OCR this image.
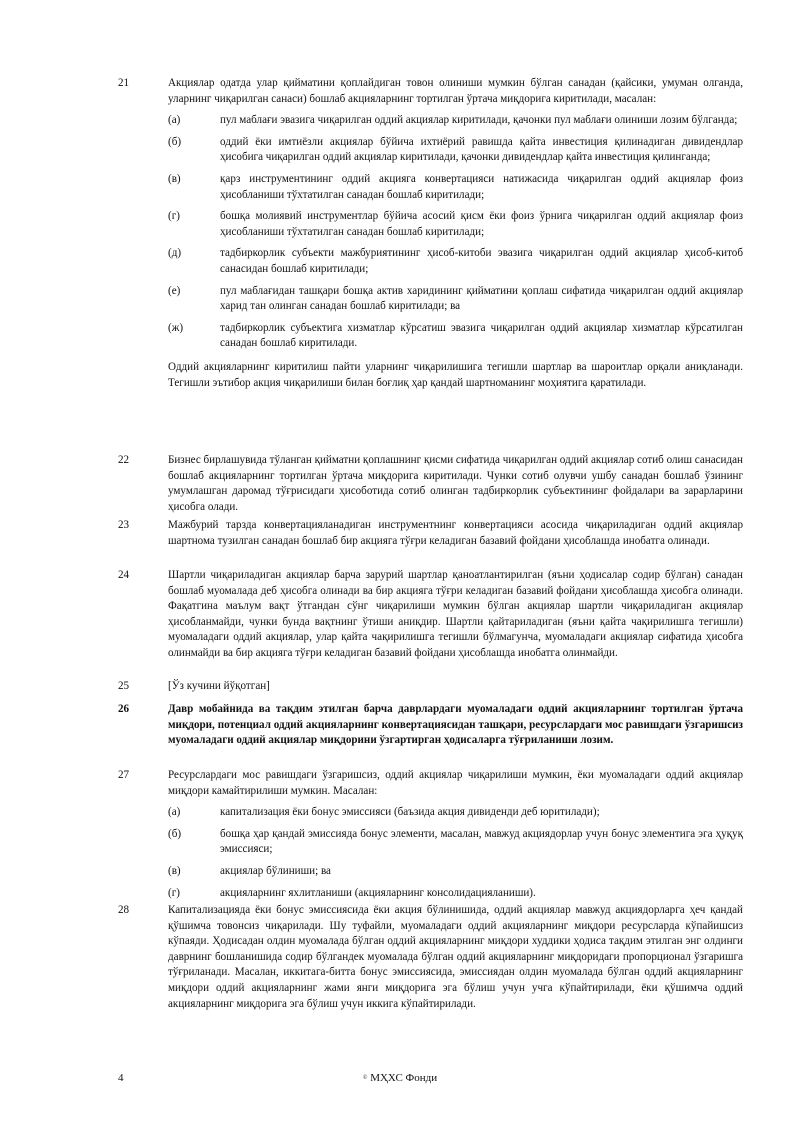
21	Акциялар одатда улар қийматини қоплайдиган товон олиниши мумкин бўлган санадан (қайсики, умуман олганда, уларнинг чиқарилган санаси) бошлаб акцияларнинг тортилган ўртача миқдорига киритилади, масалан:
(а)	пул маблағи эвазига чиқарилган оддий акциялар киритилади, қачонки пул маблағи олиниши лозим бўлганда;
(б)	оддий ёки имтиёзли акциялар бўйича ихтиёрий равишда қайта инвестиция қилинадиган дивидендлар ҳисобига чиқарилган оддий акциялар киритилади, қачонки дивидендлар қайта инвестиция қилинганда;
(в)	қарз инструментининг оддий акцияга конвертацияси натижасида чиқарилган оддий акциялар фоиз ҳисобланиши тўхтатилган санадан бошлаб киритилади;
(г)	бошқа молиявий инструментлар бўйича асосий қисм ёки фоиз ўрнига чиқарилган оддий акциялар фоиз ҳисобланиши тўхтатилган санадан бошлаб киритилади;
(д)	тадбиркорлик субъекти мажбуриятининг ҳисоб-китоби эвазига чиқарилган оддий акциялар ҳисоб-китоб санасидан бошлаб киритилади;
(е)	пул маблағидан ташқари бошқа актив харидининг қийматини қоплаш сифатида чиқарилган оддий акциялар харид тан олинган санадан бошлаб киритилади; ва
(ж)	тадбиркорлик субъектига хизматлар кўрсатиш эвазига чиқарилган оддий акциялар хизматлар кўрсатилган санадан бошлаб киритилади.
Оддий акцияларнинг киритилиш пайти уларнинг чиқарилишига тегишли шартлар ва шароитлар орқали аниқланади. Тегишли эътибор акция чиқарилиши билан боғлиқ ҳар қандай шартноманинг моҳиятига қаратилади.
22	Бизнес бирлашувида тўланган қийматни қоплашнинг қисми сифатида чиқарилган оддий акциялар сотиб олиш санасидан бошлаб акцияларнинг тортилган ўртача миқдорига киритилади. Чунки сотиб олувчи ушбу санадан бошлаб ўзининг умумлашган даромад тўғрисидаги ҳисоботида сотиб олинган тадбиркорлик субъектининг фойдалари ва зарарларини ҳисобга олади.
23	Мажбурий тарзда конвертацияланадиган инструментнинг конвертацияси асосида чиқариладиган оддий акциялар шартнома тузилган санадан бошлаб бир акцияга тўғри келадиган базавий фойдани ҳисоблашда инобатга олинади.
24	Шартли чиқариладиган акциялар барча зарурий шартлар қаноатлантирилган (яъни ҳодисалар содир бўлган) санадан бошлаб муомалада деб ҳисобга олинади ва бир акцияга тўғри келадиган базавий фойдани ҳисоблашда ҳисобга олинади. Фақатгина маълум вақт ўтгандан сўнг чиқарилиши мумкин бўлган акциялар шартли чиқариладиган акциялар ҳисобланмайди, чунки бунда вақтнинг ўтиши аниқдир. Шартли қайтариладиган (яъни қайта чақирилишга тегишли) муомаладаги оддий акциялар, улар қайта чақирилишга тегишли бўлмагунча, муомаладаги акциялар сифатида ҳисобга олинмайди ва бир акцияга тўғри келадиган базавий фойдани ҳисоблашда инобатга олинмайди.
25	[Ўз кучини йўқотган]
26	Давр мобайнида ва тақдим этилган барча даврлардаги муомаладаги оддий акцияларнинг тортилган ўртача миқдори, потенциал оддий акцияларнинг конвертациясидан ташқари, ресурслардаги мос равишдаги ўзгаришсиз муомаладаги оддий акциялар миқдорини ўзгартирган ҳодисаларга тўғриланиши лозим.
27	Ресурслардаги мос равишдаги ўзгаришсиз, оддий акциялар чиқарилиши мумкин, ёки муомаладаги оддий акциялар миқдори камайтирилиши мумкин. Масалан:
(а)	капитализация ёки бонус эмиссияси (баъзида акция дивиденди деб юритилади);
(б)	бошқа ҳар қандай эмиссияда бонус элементи, масалан, мавжуд акциядорлар учун бонус элементига эга ҳуқуқ эмиссияси;
(в)	акциялар бўлиниши; ва
(г)	акцияларнинг яхлитланиши (акцияларнинг консолидацияланиши).
28	Капитализацияда ёки бонус эмиссиясида ёки акция бўлинишида, оддий акциялар мавжуд акциядорларга ҳеч қандай қўшимча товонсиз чиқарилади. Шу туфайли, муомаладаги оддий акцияларнинг миқдори ресурсларда кўпайишсиз кўпаяди. Ҳодисадан олдин муомалада бўлган оддий акцияларнинг миқдори худдики ҳодиса тақдим этилган энг олдинги даврнинг бошланишида содир бўлгандек муомалада бўлган оддий акцияларнинг миқдоридаги пропорционал ўзгаришга тўғриланади. Масалан, иккитага-битта бонус эмиссиясида, эмиссиядан олдин муомалада бўлган оддий акцияларнинг миқдори оддий акцияларнинг жами янги миқдорига эга бўлиш учун учга кўпайтирилади, ёки қўшимча оддий акцияларнинг миқдорига эга бўлиш учун иккига кўпайтирилади.
4	© МҲХС Фонди
